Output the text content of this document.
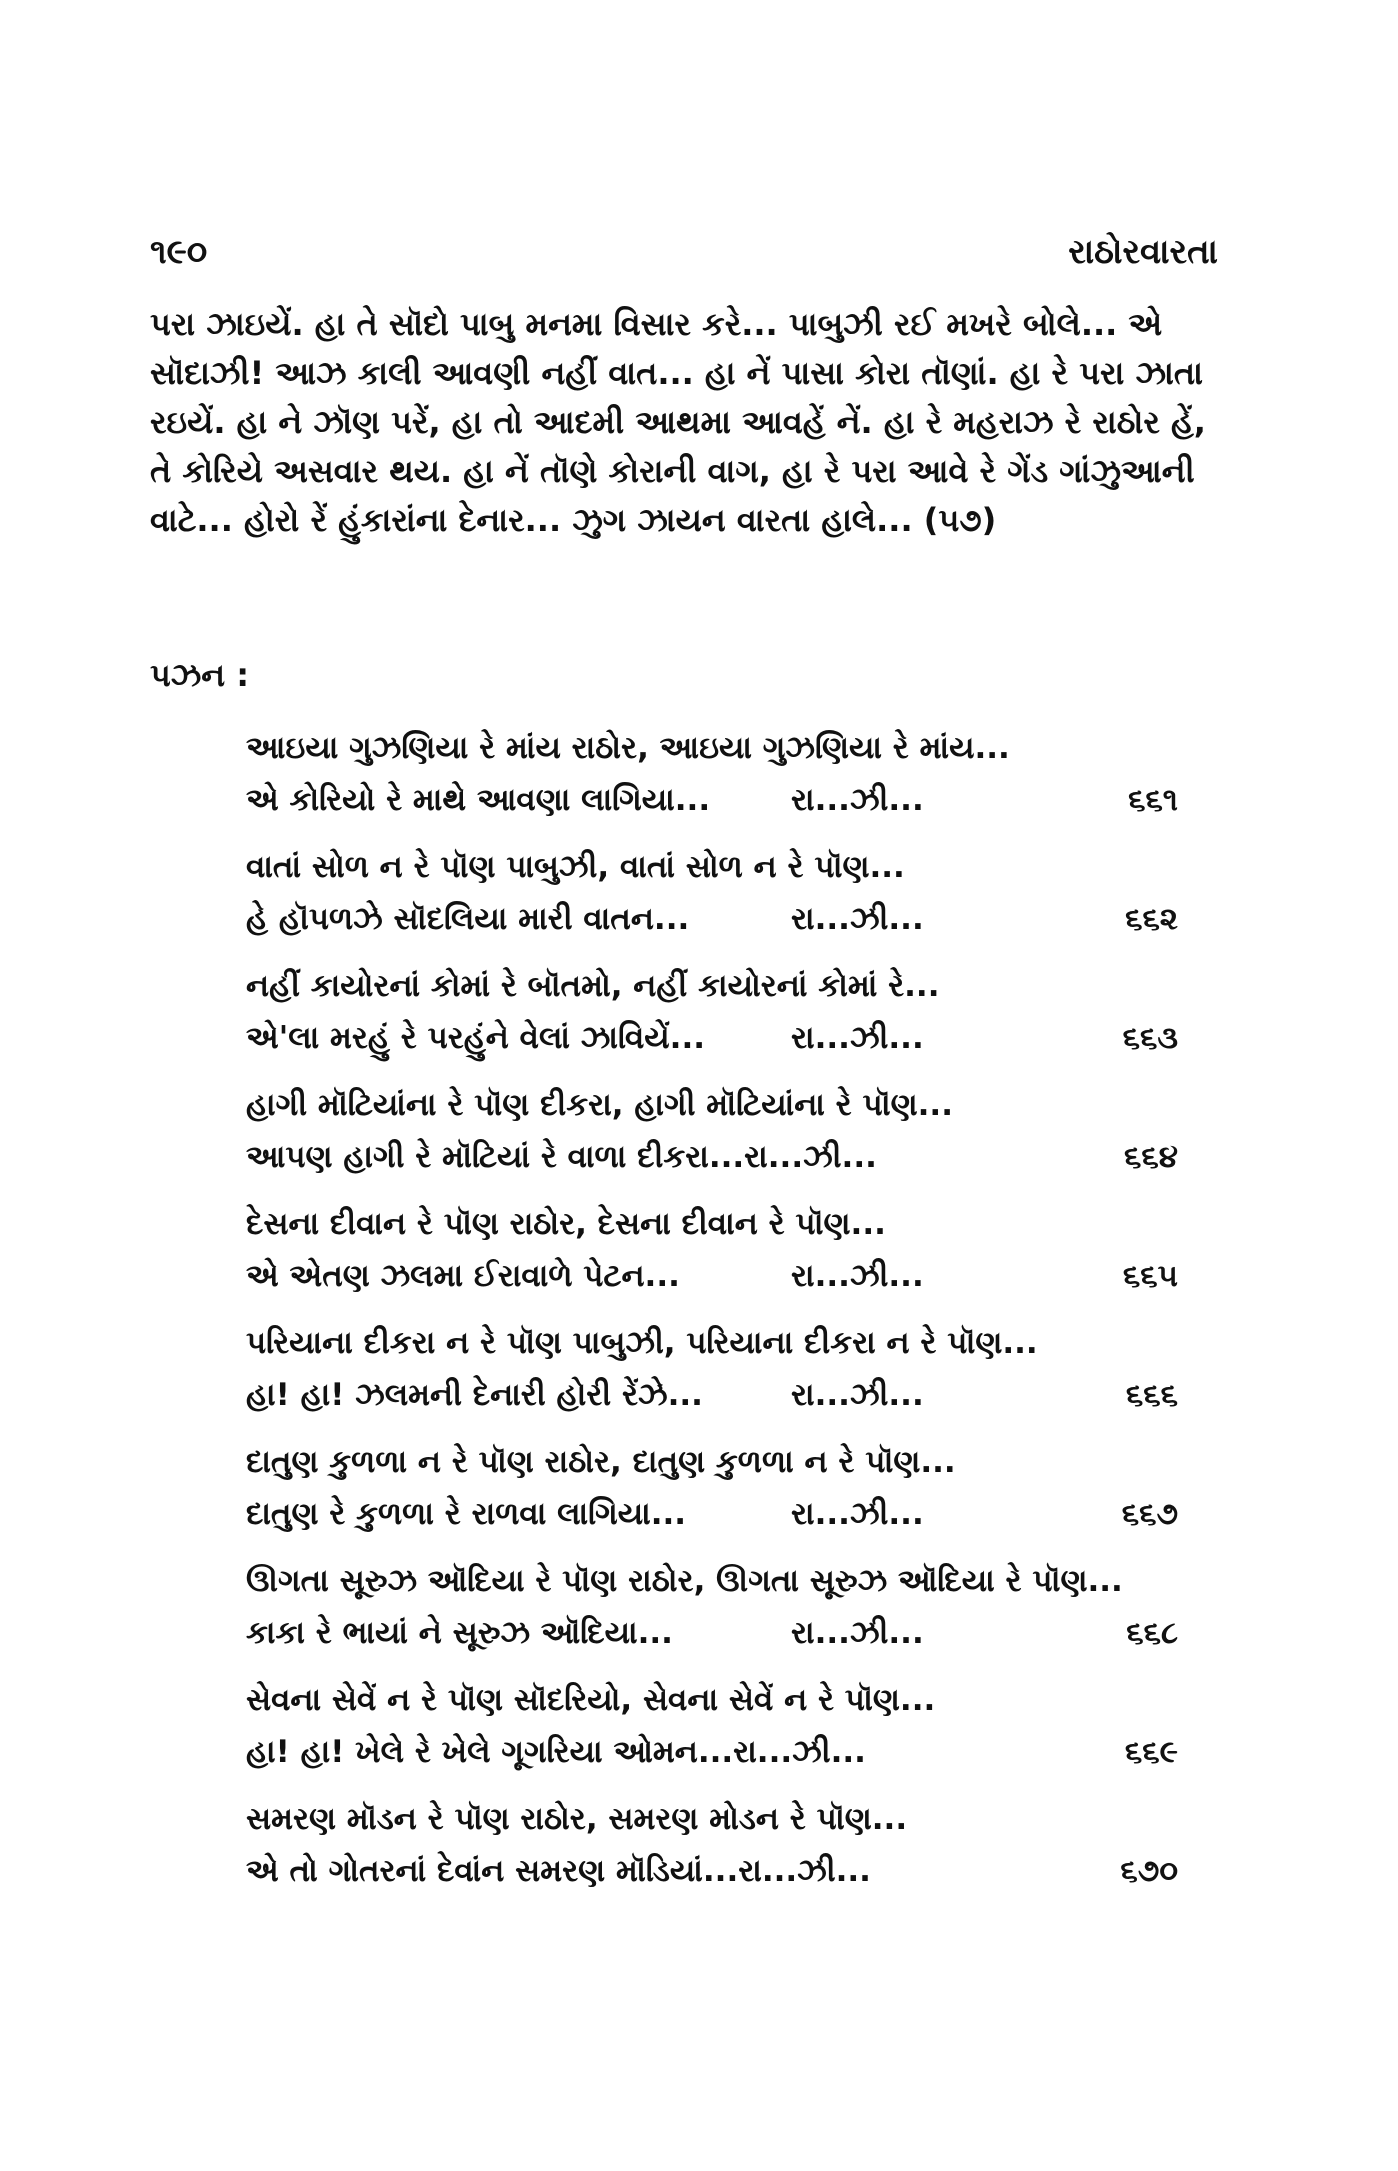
૧૯૦	રાઠોરવારતા

પરા ઝાઇયેં. હા તે સૉદો પાબુ મનમા વિસાર કરે... પાબુઝી રઈ મખરે બોલે... એ સૉદાઝી! આઝ કાલી આવણી નહીં વાત... હા નેં પાસા કોરા તૉણાં. હા રે પરા ઝાતા રઇયેં. હા ને ઝૉણ પરેં, હા તો આદમી આથમા આવહેં નેં. હા રે મહરાઝ રે રાઠોર હેં, તે કોરિયે અસવાર થય. હા નેં તૉણે કોરાની વાગ, હા રે પરા આવે રે ગેંડ ગાંઝુઆની વાટે... હોરો રેં હુંકારાંના દેનાર... ઝુગ ઝાયન વારતા હાલે... (૫૭)

પઝન :
આઇયા ગુઝણિયા રે માંય રાઠોર, આઇયા ગુઝણિયા રે માંય...
એ કોરિયો રે માથે આવણા લાગિયા...	રા...ઝી...	૬૬૧
વાતાં સોળ ન રે પૉણ પાબુઝી, વાતાં સોળ ન રે પૉણ...
હે હૉપળઝે સૉદલિયા મારી વાતન...	રા...ઝી...	૬૬૨
નહીં કાયોરનાં કોમાં રે બૉતમો, નહીં કાયોરનાં કોમાં રે...
એ'લા મરહું રે પરહુંને વેલાં ઝાવિયેં...	રા...ઝી...	૬૬૩
હાગી મૉટિયાંના રે પૉણ દીકરા, હાગી મૉટિયાંના રે પૉણ...
આપણ હાગી રે મૉટિયાં રે વાળા દીકરા...રા...ઝી...	૬૬૪
દેસના દીવાન રે પૉણ રાઠોર, દેસના દીવાન રે પૉણ...
એ એતણ ઝલમા ઈરાવાળે પેટન...	રા...ઝી...	૬૬૫
પરિયાના દીકરા ન રે પૉણ પાબુઝી, પરિયાના દીકરા ન રે પૉણ...
હા! હા! ઝલમની દેનારી હોરી રેંઝે...	રા...ઝી...	૬૬૬
દાતુણ કુળળા ન રે પૉણ રાઠોર, દાતુણ કુળળા ન રે પૉણ...
દાતુણ રે કુળળા રે રાળવા લાગિયા...	રા...ઝી...	૬૬૭
ઊગતા સૂરુઝ ઑદિયા રે પૉણ રાઠોર, ઊગતા સૂરુઝ ઑદિયા રે પૉણ...
કાકા રે ભાયાં ને સૂરુઝ ઑદિયા...	રા...ઝી...	૬૬૮
સેવના સેવેં ન રે પૉણ સૉદરિયો, સેવના સેવેં ન રે પૉણ...
હા! હા! ખેલે રે ખેલે ગૂગરિયા ઓમન...રા...ઝી...	૬૬૯
સમરણ મૉડન રે પૉણ રાઠોર, સમરણ મોડન રે પૉણ...
એ તો ગોતરનાં દેવાંન સમરણ મૉડિયાં...રા...ઝી...	૬૭૦
